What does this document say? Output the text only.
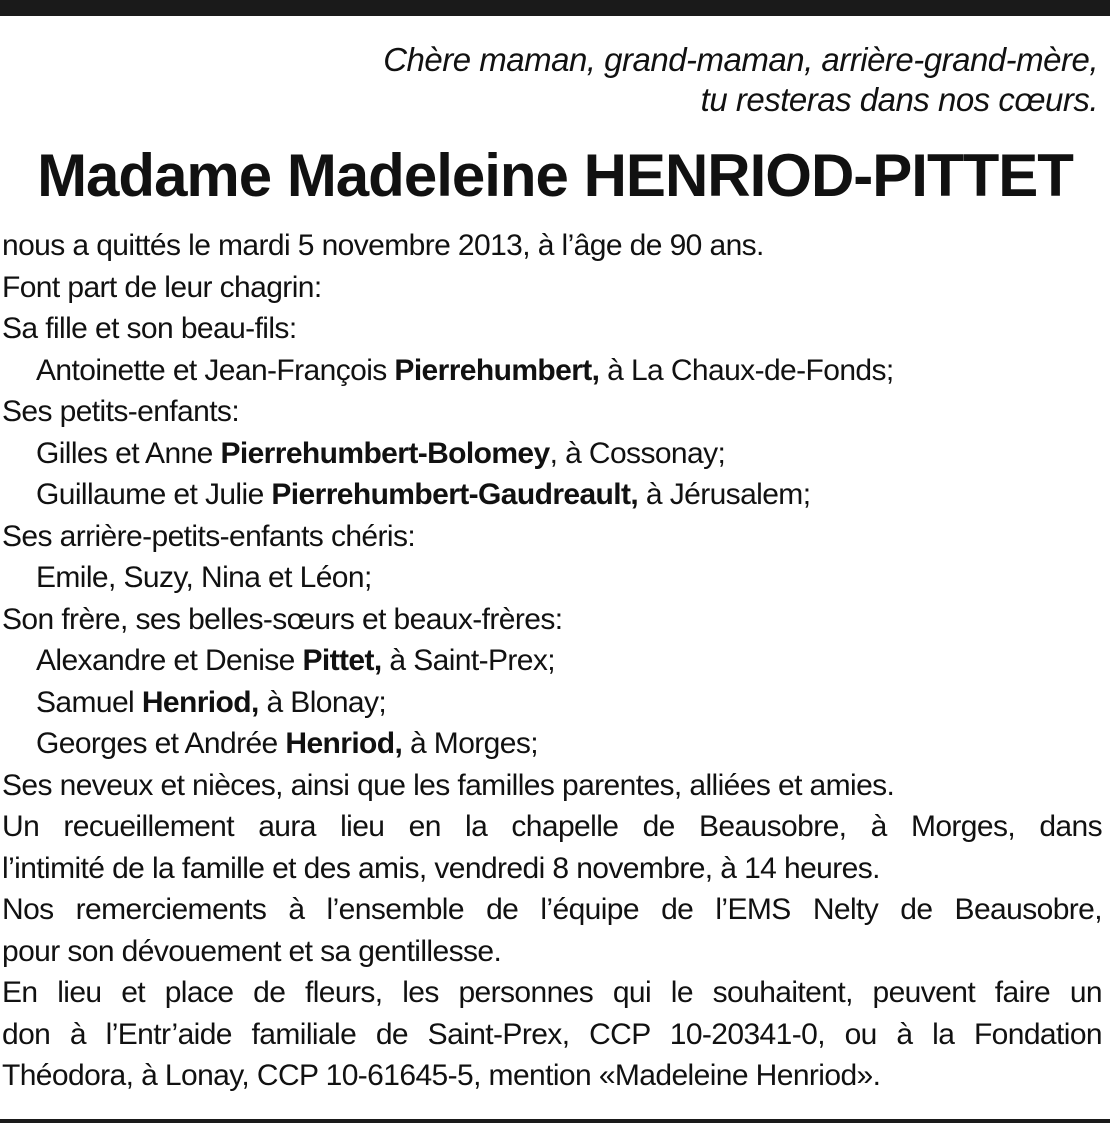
Chère maman, grand-maman, arrière-grand-mère,
tu resteras dans nos cœurs.
Madame Madeleine HENRIOD-PITTET
nous a quittés le mardi 5 novembre 2013, à l’âge de 90 ans.
Font part de leur chagrin:
Sa fille et son beau-fils:
Antoinette et Jean-François Pierrehumbert, à La Chaux-de-Fonds;
Ses petits-enfants:
Gilles et Anne Pierrehumbert-Bolomey, à Cossonay;
Guillaume et Julie Pierrehumbert-Gaudreault, à Jérusalem;
Ses arrière-petits-enfants chéris:
Emile, Suzy, Nina et Léon;
Son frère, ses belles-sœurs et beaux-frères:
Alexandre et Denise Pittet, à Saint-Prex;
Samuel Henriod, à Blonay;
Georges et Andrée Henriod, à Morges;
Ses neveux et nièces, ainsi que les familles parentes, alliées et amies.
Un recueillement aura lieu en la chapelle de Beausobre, à Morges, dans
l’intimité de la famille et des amis, vendredi 8 novembre, à 14 heures.
Nos remerciements à l’ensemble de l’équipe de l’EMS Nelty de Beausobre,
pour son dévouement et sa gentillesse.
En lieu et place de fleurs, les personnes qui le souhaitent, peuvent faire un
don à l’Entr’aide familiale de Saint-Prex, CCP 10-20341-0, ou à la Fondation
Théodora, à Lonay, CCP 10-61645-5, mention «Madeleine Henriod».
